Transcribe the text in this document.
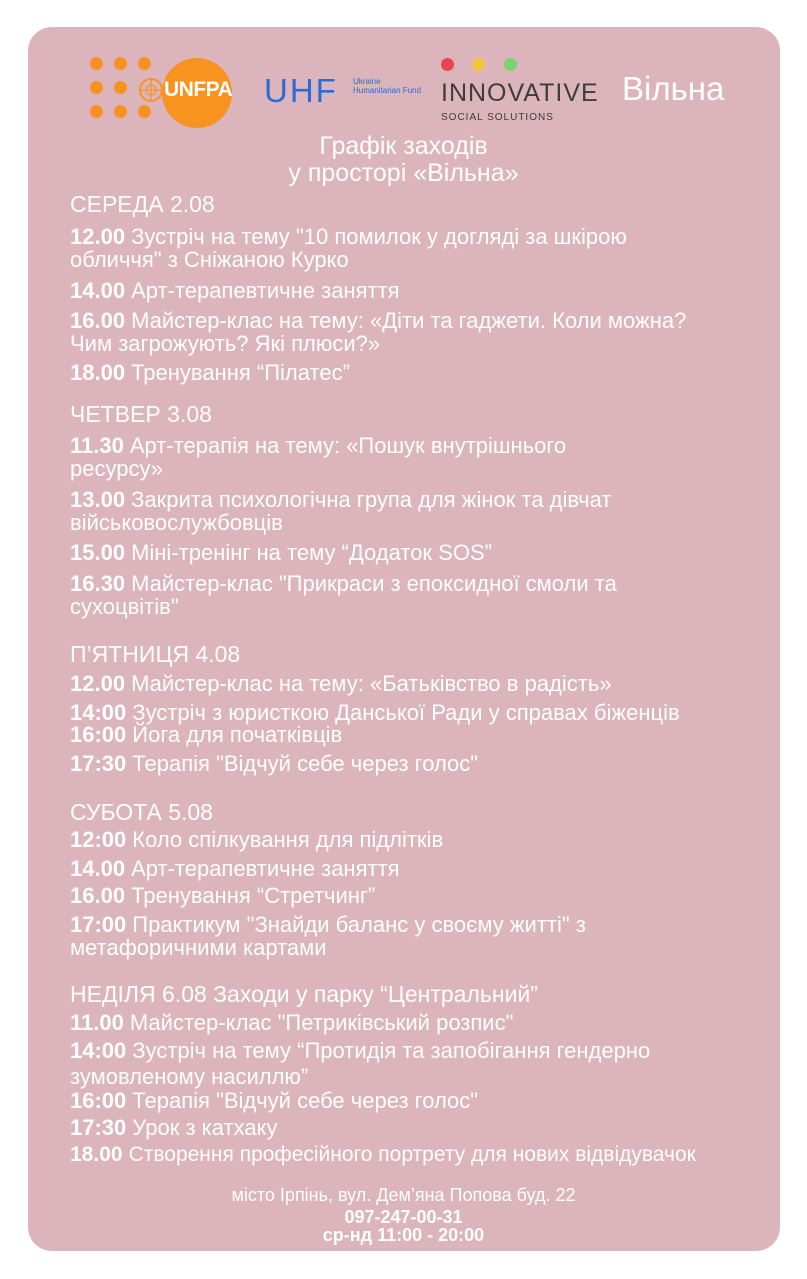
UNFPA UHF Ukraine Humanitarian Fund INNOVATIVE
SOCIAL SOLUTIONS
Вільна
Графік заходів
у просторі «Вільна»
СЕРЕДА 2.08
12.00 Зустріч на тему "10 помилок у догляді за шкірою
обличчя" з Сніжаною Курко
14.00 Арт-терапевтичне заняття
16.00 Майстер-клас на тему: «Діти та гаджети. Коли можна?
Чим загрожують? Які плюси?»
18.00 Тренування “Пілатес”
ЧЕТВЕР 3.08
11.30 Арт-терапія на тему: «Пошук внутрішнього
ресурсу»
13.00 Закрита психологічна група для жінок та дівчат
військовослужбовців
15.00 Міні-тренінг на тему “Додаток SOS”
16.30 Майстер-клас "Прикраси з епоксидної смоли та
сухоцвітів"
П’ЯТНИЦЯ 4.08
12.00 Майстер-клас на тему: «Батьківство в радість»
14:00 Зустріч з юристкою Данської Ради у справах біженців
16:00 Йога для початківців
17:30 Терапія "Відчуй себе через голос"
СУБОТА 5.08
12:00 Коло спілкування для підлітків
14.00 Арт-терапевтичне заняття
16.00 Тренування “Стретчинг”
17:00 Практикум "Знайди баланс у своєму житті" з
метафоричними картами
НЕДІЛЯ 6.08 Заходи у парку “Центральний”
11.00 Майстер-клас "Петриківський розпис"
14:00 Зустріч на тему “Протидія та запобігання гендерно
зумовленому насиллю”
16:00 Терапія "Відчуй себе через голос"
17:30 Урок з катхаку
18.00 Створення професійного портрету для нових відвідувачок
місто Ірпінь, вул. Дем’яна Попова буд. 22
097-247-00-31
ср-нд 11:00 - 20:00
